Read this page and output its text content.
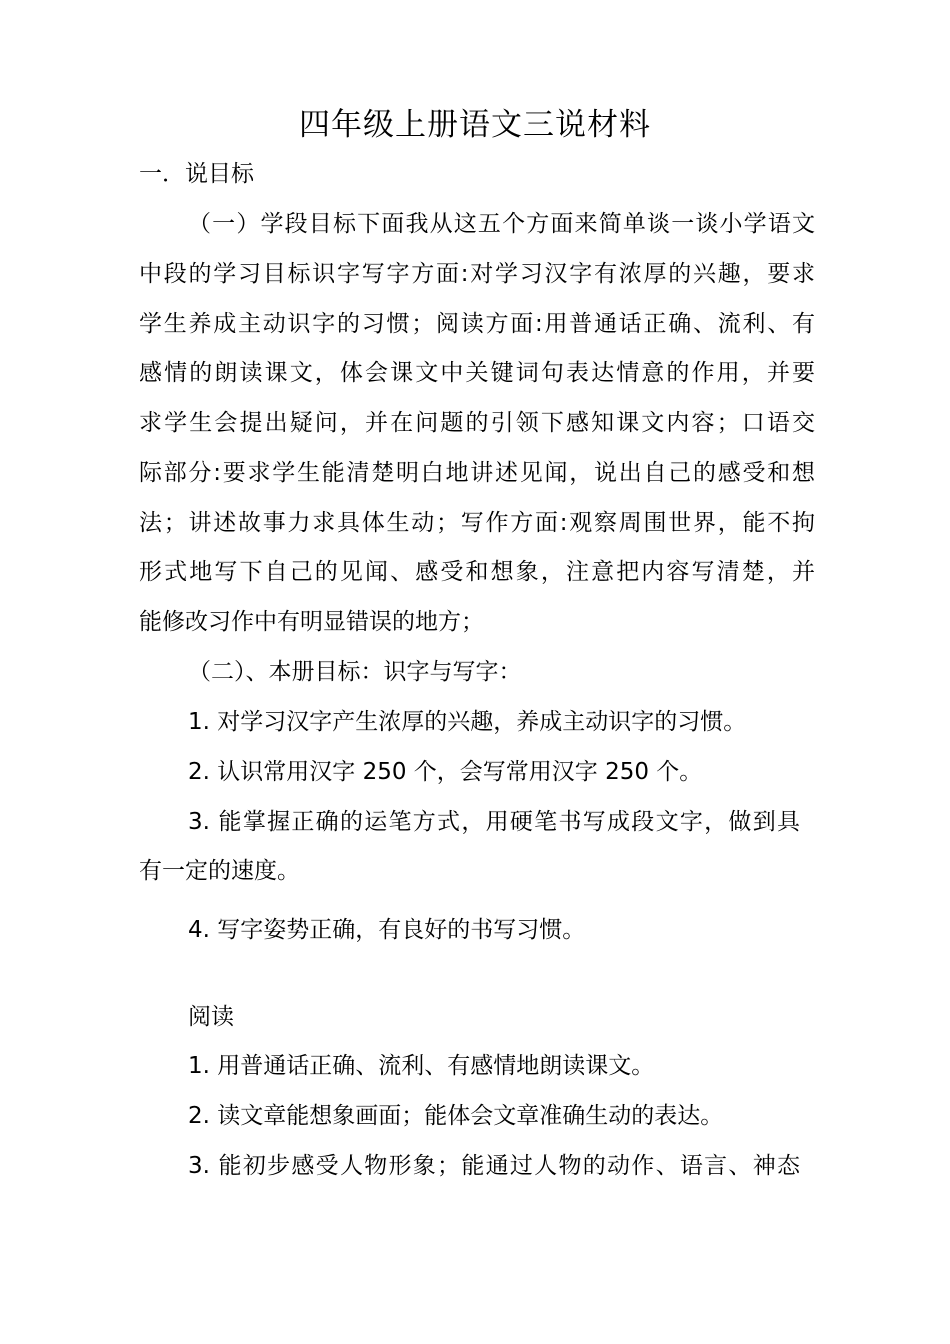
四年级上册语文三说材料
一．说目标
（一）学段目标下面我从这五个方面来简单谈一谈小学语文
中段的学习目标识字写字方面:对学习汉字有浓厚的兴趣，要求
学生养成主动识字的习惯；阅读方面:用普通话正确、流利、有
感情的朗读课文，体会课文中关键词句表达情意的作用，并要
求学生会提出疑问，并在问题的引领下感知课文内容；口语交
际部分:要求学生能清楚明白地讲述见闻，说出自己的感受和想
法；讲述故事力求具体生动；写作方面:观察周围世界，能不拘
形式地写下自己的见闻、感受和想象，注意把内容写清楚，并
能修改习作中有明显错误的地方；
（二）、本册目标：识字与写字：
1. 对学习汉字产生浓厚的兴趣，养成主动识字的习惯。
2. 认识常用汉字 250 个，会写常用汉字 250 个。
3. 能掌握正确的运笔方式，用硬笔书写成段文字，做到具
有一定的速度。
4. 写字姿势正确，有良好的书写习惯。
阅读
1. 用普通话正确、流利、有感情地朗读课文。
2. 读文章能想象画面；能体会文章准确生动的表达。
3. 能初步感受人物形象；能通过人物的动作、语言、神态
